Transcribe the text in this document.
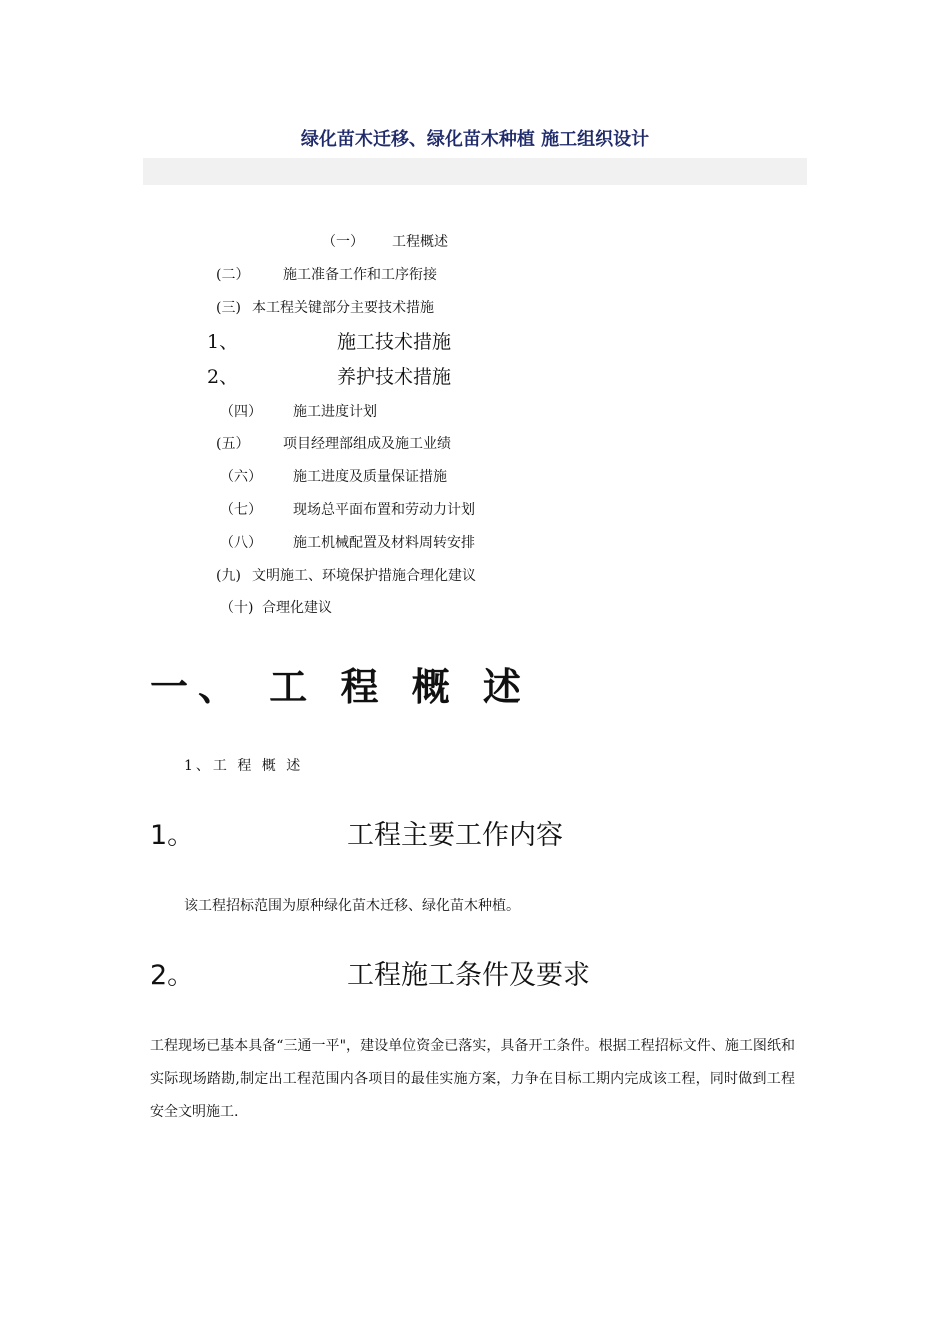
绿化苗木迁移、绿化苗木种植 施工组织设计
（一） 工程概述
(二） 施工准备工作和工序衔接
(三) 本工程关键部分主要技术措施
1、	施工技术措施
2、	养护技术措施
（四） 施工进度计划
(五） 项目经理部组成及施工业绩
（六） 施工进度及质量保证措施
（七） 现场总平面布置和劳动力计划
（八） 施工机械配置及材料周转安排
(九) 文明施工、环境保护措施合理化建议
（十) 合理化建议
一、 工 程 概 述
1、工 程 概 述
1。	工程主要工作内容
该工程招标范围为原种绿化苗木迁移、绿化苗木种植。
2。	工程施工条件及要求
工程现场已基本具备“三通一平"，建设单位资金已落实，具备开工条件。根据工程招标文件、施工图纸和实际现场踏勘,制定出工程范围内各项目的最佳实施方案，力争在目标工期内完成该工程，同时做到工程安全文明施工.
